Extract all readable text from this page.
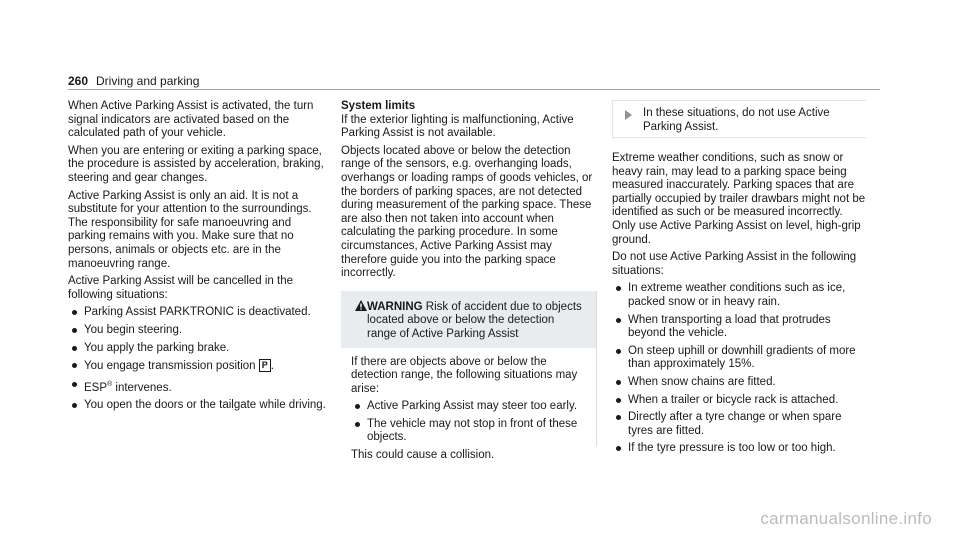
260 Driving and parking

When Active Parking Assist is activated, the turn signal indicators are activated based on the calculated path of your vehicle.

When you are entering or exiting a parking space, the procedure is assisted by acceleration, braking, steering and gear changes.

Active Parking Assist is only an aid. It is not a substitute for your attention to the surroundings. The responsibility for safe manoeuvring and parking remains with you. Make sure that no persons, animals or objects etc. are in the manoeuvring range.

Active Parking Assist will be cancelled in the following situations:

Parking Assist PARKTRONIC is deactivated.
You begin steering.
You apply the parking brake.
You engage transmission position P .
ESP® intervenes.
You open the doors or the tailgate while driving.

System limits

If the exterior lighting is malfunctioning, Active Parking Assist is not available.

Objects located above or below the detection range of the sensors, e.g. overhanging loads, overhangs or loading ramps of goods vehicles, or the borders of parking spaces, are not detected during measurement of the parking space. These are also then not taken into account when calculating the parking procedure. In some circumstances, Active Parking Assist may therefore guide you into the parking space incorrectly.

WARNING Risk of accident due to objects located above or below the detection range of Active Parking Assist

If there are objects above or below the detection range, the following situations may arise:

Active Parking Assist may steer too early.
The vehicle may not stop in front of these objects.

This could cause a collision.

In these situations, do not use Active Parking Assist.

Extreme weather conditions, such as snow or heavy rain, may lead to a parking space being measured inaccurately. Parking spaces that are partially occupied by trailer drawbars might not be identified as such or be measured incorrectly. Only use Active Parking Assist on level, high-grip ground.

Do not use Active Parking Assist in the following situations:

In extreme weather conditions such as ice, packed snow or in heavy rain.
When transporting a load that protrudes beyond the vehicle.
On steep uphill or downhill gradients of more than approximately 15%.
When snow chains are fitted.
When a trailer or bicycle rack is attached.
Directly after a tyre change or when spare tyres are fitted.
If the tyre pressure is too low or too high.
carmanualsonline.info
